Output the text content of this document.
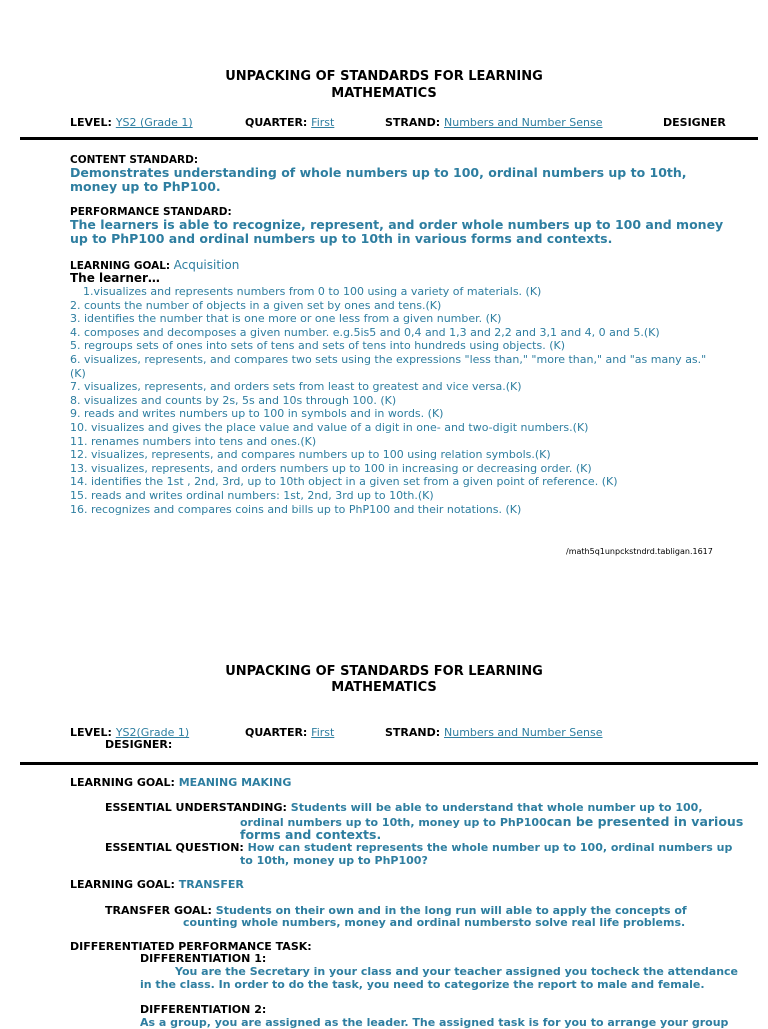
UNPACKING OF STANDARDS FOR LEARNING
MATHEMATICS
LEVEL: YS2 (Grade 1)	QUARTER: First	STRAND: Numbers and Number Sense	DESIGNER
CONTENT STANDARD:
Demonstrates understanding of whole numbers up to 100, ordinal numbers up to 10th, money up to PhP100.
PERFORMANCE STANDARD:
The learners is able to recognize, represent, and order whole numbers up to 100 and money up to PhP100 and ordinal numbers up to 10th in various forms and contexts.
LEARNING GOAL: Acquisition
The learner…
1.visualizes and represents numbers from 0 to 100 using a variety of materials. (K)
2. counts the number of objects in a given set by ones and tens.(K)
3. identifies the number that is one more or one less from a given number. (K)
4. composes and decomposes a given number. e.g.5is5 and 0,4 and 1,3 and 2,2 and 3,1 and 4, 0 and 5.(K)
5. regroups sets of ones into sets of tens and sets of tens into hundreds using objects. (K)
6. visualizes, represents, and compares two sets using the expressions "less than," "more than," and "as many as." (K)
7. visualizes, represents, and orders sets from least to greatest and vice versa.(K)
8. visualizes and counts by 2s, 5s and 10s through 100. (K)
9. reads and writes numbers up to 100 in symbols and in words. (K)
10. visualizes and gives the place value and value of a digit in one- and two-digit numbers.(K)
11. renames numbers into tens and ones.(K)
12. visualizes, represents, and compares numbers up to 100 using relation symbols.(K)
13. visualizes, represents, and orders numbers up to 100 in increasing or decreasing order. (K)
14. identifies the 1st , 2nd, 3rd, up to 10th object in a given set from a given point of reference. (K)
15. reads and writes ordinal numbers: 1st, 2nd, 3rd up to 10th.(K)
16. recognizes and compares coins and bills up to PhP100 and their notations. (K)
/math5q1unpckstndrd.tabligan.1617
UNPACKING OF STANDARDS FOR LEARNING
MATHEMATICS
LEVEL: YS2(Grade 1)	QUARTER: First	STRAND: Numbers and Number Sense
DESIGNER:
LEARNING GOAL: MEANING MAKING
ESSENTIAL UNDERSTANDING: Students will be able to understand that whole number up to 100,
ordinal numbers up to 10th, money up to PhP100can be presented in various
forms and contexts.
ESSENTIAL QUESTION: How can student represents the whole number up to 100, ordinal numbers up
to 10th, money up to PhP100?
LEARNING GOAL: TRANSFER
TRANSFER GOAL: Students on their own and in the long run will able to apply the concepts of
counting whole numbers, money and ordinal numbersto solve real life problems.
DIFFERENTIATED PERFORMANCE TASK:
DIFFERENTIATION 1:
You are the Secretary in your class and your teacher assigned you tocheck the attendance
in the class. In order to do the task, you need to categorize the report to male and female.
DIFFERENTIATION 2:
As a group, you are assigned as the leader. The assigned task is for you to arrange your group
